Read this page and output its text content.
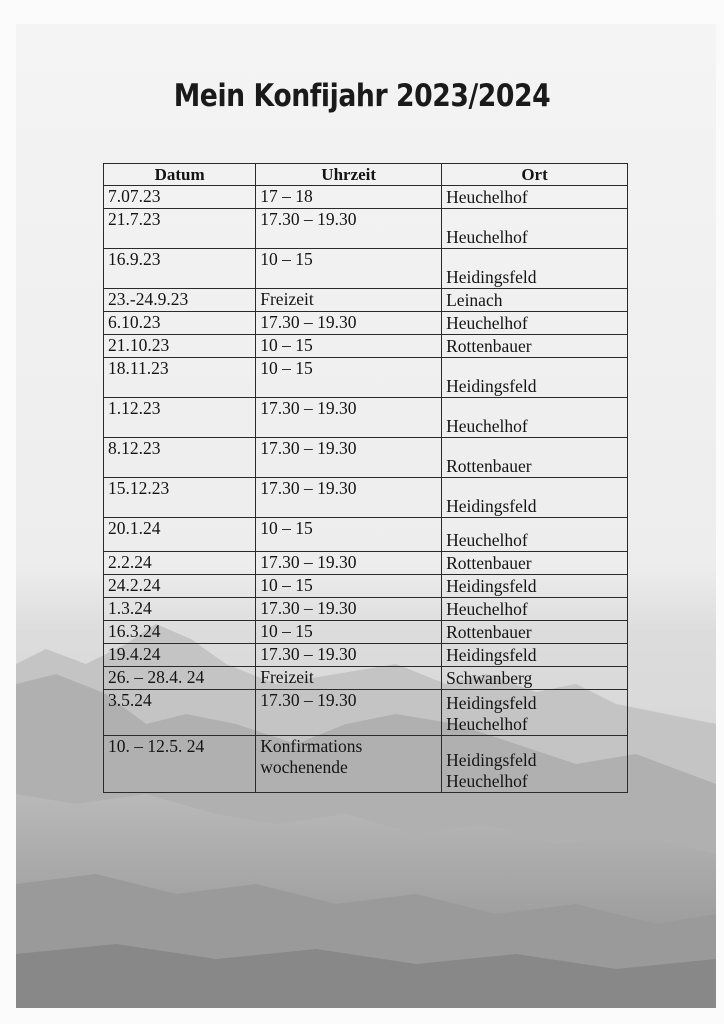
Mein Konfijahr 2023/2024
Datum	Uhrzeit	Ort

7.07.23	17 – 18	Heuchelhof

21.7.23	17.30 – 19.30	Heuchelhof

16.9.23	10 – 15	Heidingsfeld

23.-24.9.23	Freizeit	Leinach

6.10.23	17.30 – 19.30	Heuchelhof

21.10.23	10 – 15	Rottenbauer

18.11.23	10 – 15	Heidingsfeld

1.12.23	17.30 – 19.30	Heuchelhof

8.12.23	17.30 – 19.30	Rottenbauer

15.12.23	17.30 – 19.30	Heidingsfeld

20.1.24	10 – 15	Heuchelhof

2.2.24	17.30 – 19.30	Rottenbauer

24.2.24	10 – 15	Heidingsfeld

1.3.24	17.30 – 19.30	Heuchelhof

16.3.24	10 – 15	Rottenbauer

19.4.24	17.30 – 19.30	Heidingsfeld

26. – 28.4. 24	Freizeit	Schwanberg

3.5.24	17.30 – 19.30	Heidingsfeld
Heuchelhof

10. – 12.5. 24	Konfirmations
wochenende	Heidingsfeld
Heuchelhof
